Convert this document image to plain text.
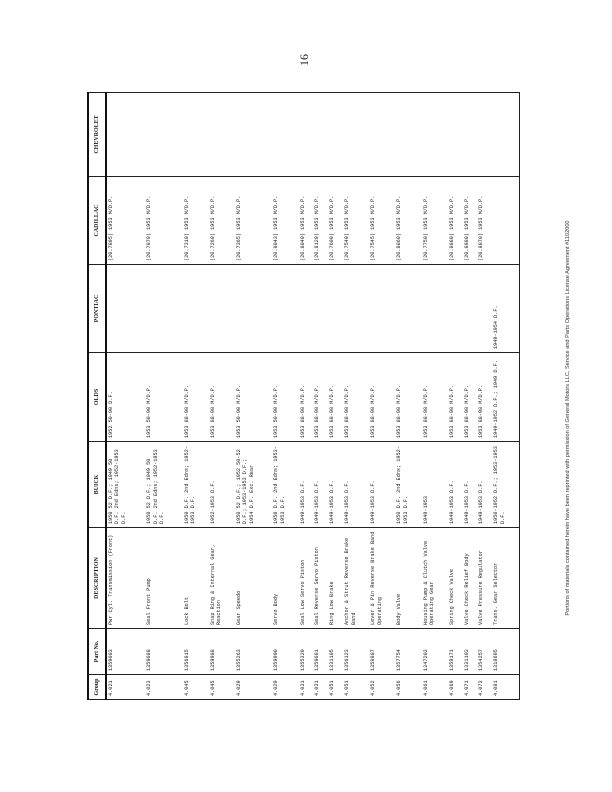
16
Group	Part No.	DESCRIPTION	BUICK	OLDS	PONTIAC	CADILLAC	CHEVROLET
4.021	1359083	Pwr Cyl. Transmission (Front)	1950 52 D.F.; 1949 50 D.F. 2nd Edns; 1952-1953 D.F.	1952 50-90 D.F.		(20.7895) 1953 M/D.P.	
4.023	1359088	Seal Front Pump	1950 52 D.F.; 1949 50 D.F. 2nd Edns; 1952-1953 D.F.	1953 50-90 M/D.P.		(20.7870) 1953 M/D.P.	
4.045	1356815	Lock Bolt	1950 D.F. 2nd Edns; 1952-1953 D.F.	1953 88-98 M/D.P.		(20.7310) 1953 M/D.P.	
4.045	1359988	Snap Ring & Internal Gear, Reaction	1952-1953 D.F.	1953 88-98 M/D.P.		(20.7260) 1953 M/D.P.	
4.029	1355263	Gear Speedo	1950 52 D.F.; 1952 50-52 D.F.; 1953-1953 D.F.; 1954 D.F. Exc. Rear	1953 50-90 M/D.P.		(20.7365) 1953 M/D.P.	
4.029	1359990	Servo Body	1950 D.F. 2nd Edns; 1953-1953 D.F.	1953 50-90 M/D.P.		(20.8043) 1953 M/D.P.	
4.031	1355329	Seal Low Servo Piston	1949-1953 D.F.	1953 88-98 M/D.P.		(20.8040) 1953 M/D.P.	
4.031	1359081	Seal Reverse Servo Piston	1949-1953 D.F.	1953 88-98 M/D.P.		(20.8120) 1953 M/D.P.	
4.051	1331105	Ring Low Brake	1949-1953 D.F.	1953 88-98 M/D.P.		(20.7600) 1953 M/D.P.	
4.051	1356123	Anchor & Strut Reverse Brake Band	1949-1953 D.F.	1953 88-98 M/D.P.		(20.7540) 1953 M/D.P.	
4.052	1358887	Lever & Pin Reverse Brake Band Operating	1949-1953 D.F.	1953 88-98 M/D.P.		(20.7545) 1953 M/D.P.	
4.056	1357754	Body Valve	1950 D.F. 2nd Edns; 1952-1953 D.F.	1953 88-98 M/D.P.		(20.8860) 1953 M/D.P.	
4.061	1347203	Housing Pump & Clutch Valve Operating Gear	1949-1953	1953 88-98 M/D.P.		(20.7750) 1953 M/D.P.	
4.069	1359171	Spring Check Valve	1949-1953 D.F.	1953 88-98 M/D.P.		(20.8880) 1953 M/D.P.	
4.071	1331103	Valve Check Relief Body	1949-1953 D.F.	1953 88-98 M/D.P.		(20.8880) 1953 M/D.P.	
4.073	1354257	Valve Pressure Regulator	1949-1953 D.F.	1953 88-98 M/D.P.		(20.8870) 1953 M/D.P.	
4.081	1318695	Trans. Gear Selector	1950-1952 D.F.; 1953-1953 D.F.	1949-1952 D.F.; 1949 D.F.	1949-1954 D.F.			Portions of materials contained herein have been reprinted with permission of General Motors LLC, Service and Parts Operations License Agreement #1102000
